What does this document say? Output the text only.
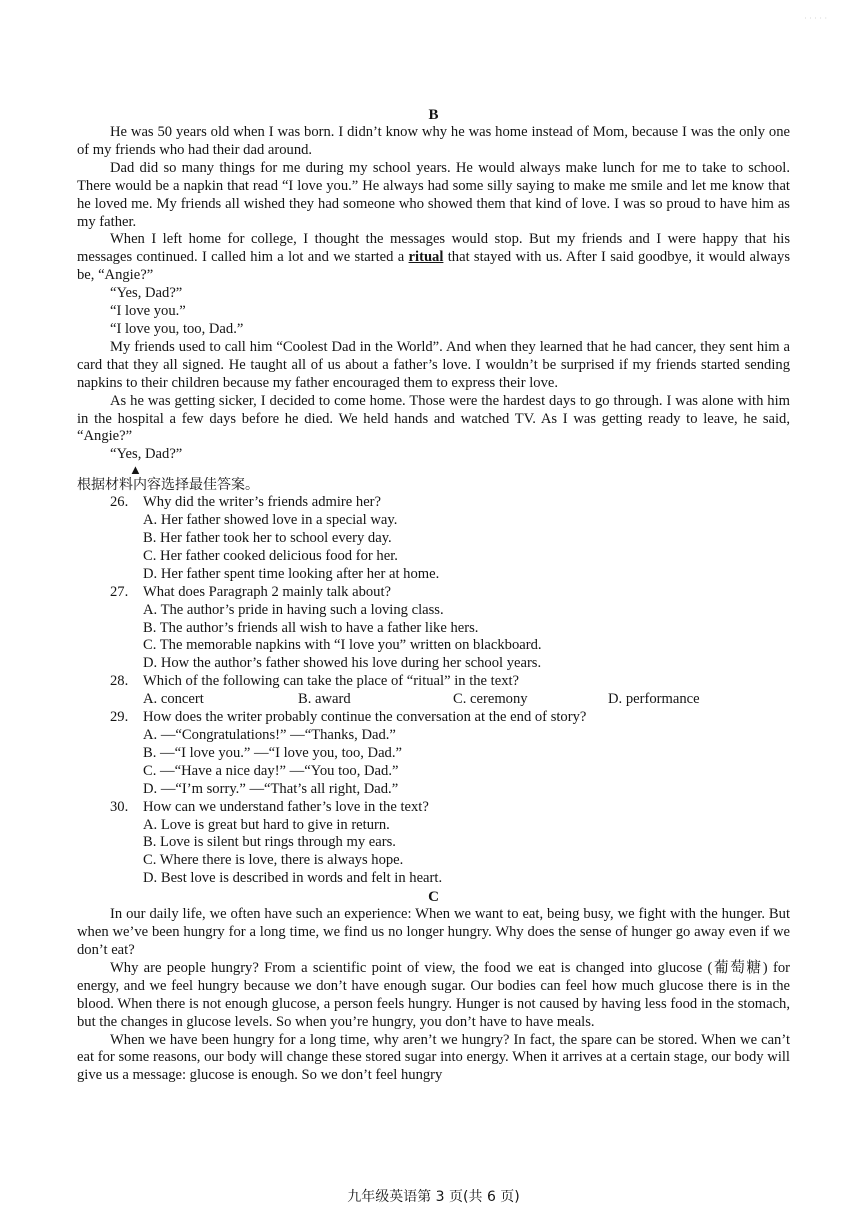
· · · · ·
B

He was 50 years old when I was born. I didn’t know why he was home instead of Mom, because I was the only one of my friends who had their dad around.

Dad did so many things for me during my school years. He would always make lunch for me to take to school. There would be a napkin that read “I love you.” He always had some silly saying to make me smile and let me know that he loved me. My friends all wished they had someone who showed them that kind of love. I was so proud to have him as my father.

When I left home for college, I thought the messages would stop. But my friends and I were happy that his messages continued. I called him a lot and we started a ritual that stayed with us. After I said goodbye, it would always be, “Angie?”

“Yes, Dad?”

“I love you.”

“I love you, too, Dad.”

My friends used to call him “Coolest Dad in the World”. And when they learned that he had cancer, they sent him a card that they all signed. He taught all of us about a father’s love. I wouldn’t be surprised if my friends started sending napkins to their children because my father encouraged them to express their love.

As he was getting sicker, I decided to come home. Those were the hardest days to go through. I was alone with him in the hospital a few days before he died. We held hands and watched TV. As I was getting ready to leave, he said, “Angie?”

“Yes, Dad?”

▲

根据材料内容选择最佳答案。

26. Why did the writer’s friends admire her?

A. Her father showed love in a special way.

B. Her father took her to school every day.

C. Her father cooked delicious food for her.

D. Her father spent time looking after her at home.

27. What does Paragraph 2 mainly talk about?

A. The author’s pride in having such a loving class.

B. The author’s friends all wish to have a father like hers.

C. The memorable napkins with “I love you” written on blackboard.

D. How the author’s father showed his love during her school years.

28. Which of the following can take the place of “ritual” in the text?

A. concert	B. award	C. ceremony	D. performance

29. How does the writer probably continue the conversation at the end of story?

A. —“Congratulations!” —“Thanks, Dad.”

B. —“I love you.” —“I love you, too, Dad.”

C. —“Have a nice day!” —“You too, Dad.”

D. —“I’m sorry.” —“That’s all right, Dad.”

30. How can we understand father’s love in the text?

A. Love is great but hard to give in return.

B. Love is silent but rings through my ears.

C. Where there is love, there is always hope.

D. Best love is described in words and felt in heart.

C

In our daily life, we often have such an experience: When we want to eat, being busy, we fight with the hunger. But when we’ve been hungry for a long time, we find us no longer hungry. Why does the sense of hunger go away even if we don’t eat?

Why are people hungry? From a scientific point of view, the food we eat is changed into glucose (葡萄糖) for energy, and we feel hungry because we don’t have enough sugar. Our bodies can feel how much glucose there is in the blood. When there is not enough glucose, a person feels hungry. Hunger is not caused by having less food in the stomach, but the changes in glucose levels. So when you’re hungry, you don’t have to have meals.

When we have been hungry for a long time, why aren’t we hungry? In fact, the spare can be stored. When we can’t eat for some reasons, our body will change these stored sugar into energy. When it arrives at a certain stage, our body will give us a message: glucose is enough. So we don’t feel hungry

九年级英语第 3 页(共 6 页)
